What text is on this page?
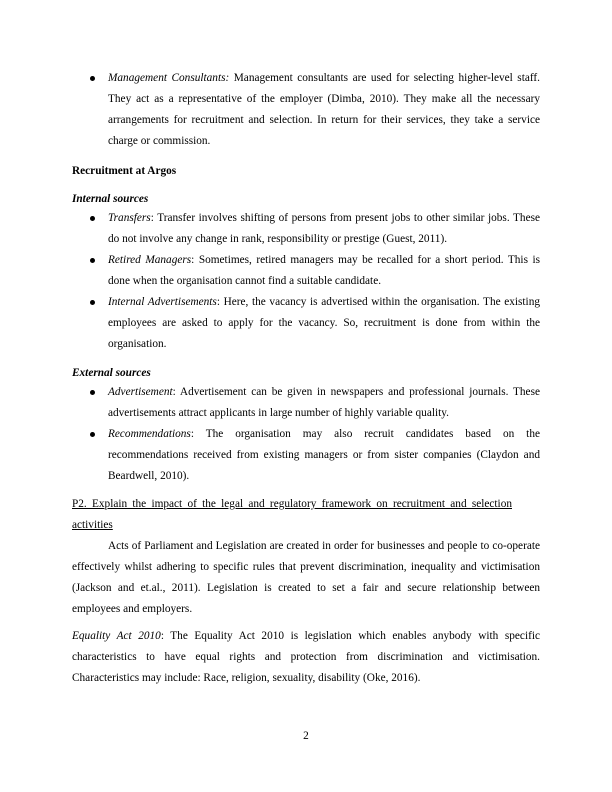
Management Consultants: Management consultants are used for selecting higher-level staff. They act as a representative of the employer (Dimba, 2010). They make all the necessary arrangements for recruitment and selection. In return for their services, they take a service charge or commission.
Recruitment at Argos
Internal sources
Transfers: Transfer involves shifting of persons from present jobs to other similar jobs. These do not involve any change in rank, responsibility or prestige (Guest, 2011).
Retired Managers: Sometimes, retired managers may be recalled for a short period. This is done when the organisation cannot find a suitable candidate.
Internal Advertisements: Here, the vacancy is advertised within the organisation. The existing employees are asked to apply for the vacancy. So, recruitment is done from within the organisation.
External sources
Advertisement: Advertisement can be given in newspapers and professional journals. These advertisements attract applicants in large number of highly variable quality.
Recommendations: The organisation may also recruit candidates based on the recommendations received from existing managers or from sister companies (Claydon and Beardwell, 2010).
P2. Explain the impact of the legal and regulatory framework on recruitment and selection activities
Acts of Parliament and Legislation are created in order for businesses and people to co-operate effectively whilst adhering to specific rules that prevent discrimination, inequality and victimisation (Jackson and et.al., 2011). Legislation is created to set a fair and secure relationship between employees and employers.
Equality Act 2010: The Equality Act 2010 is legislation which enables anybody with specific characteristics to have equal rights and protection from discrimination and victimisation. Characteristics may include: Race, religion, sexuality, disability (Oke, 2016).
2
